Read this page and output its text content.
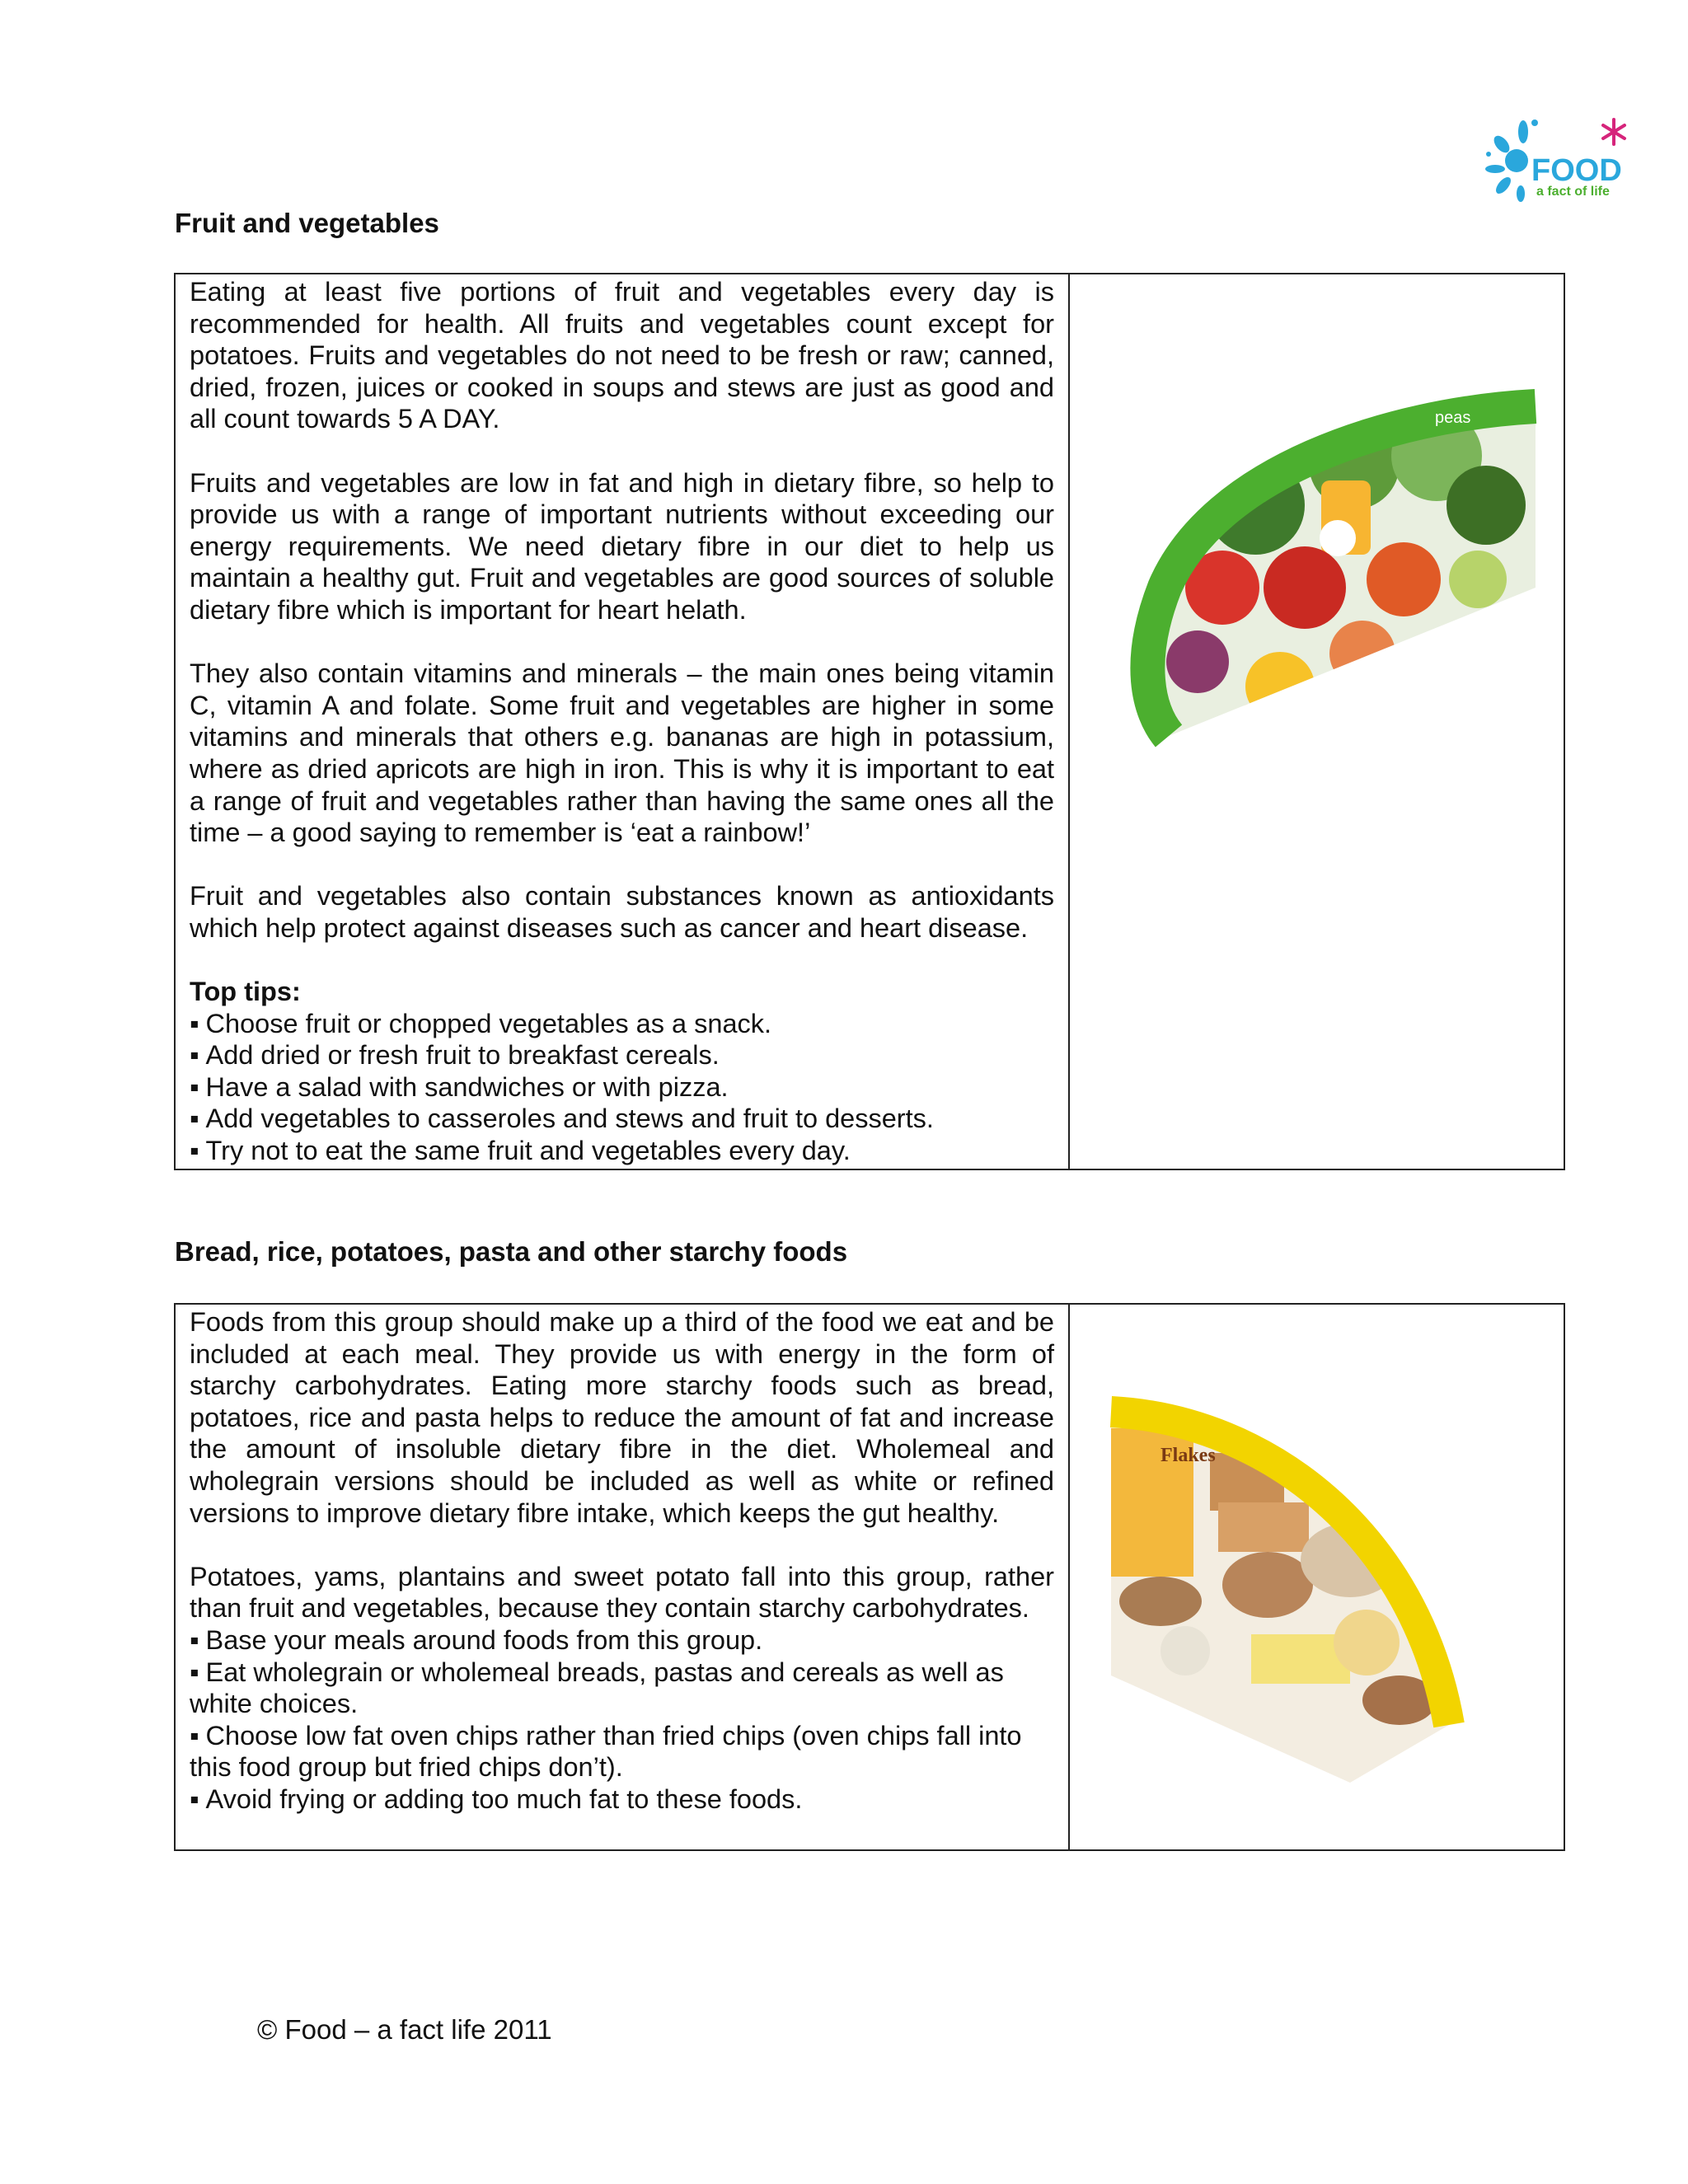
FOOD
a fact of life
Fruit and vegetables

Eating at least five portions of fruit and vegetables every day is recommended for health. All fruits and vegetables count except for potatoes. Fruits and vegetables do not need to be fresh or raw; canned, dried, frozen, juices or cooked in soups and stews are just as good and all count towards 5 A DAY.

Fruits and vegetables are low in fat and high in dietary fibre, so help to provide us with a range of important nutrients without exceeding our energy requirements. We need dietary fibre in our diet to help us maintain a healthy gut. Fruit and vegetables are good sources of soluble dietary fibre which is important for heart helath.

They also contain vitamins and minerals – the main ones being vitamin C, vitamin A and folate. Some fruit and vegetables are higher in some vitamins and minerals that others e.g. bananas are high in potassium, where as dried apricots are high in iron. This is why it is important to eat a range of fruit and vegetables rather than having the same ones all the time – a good saying to remember is ‘eat a rainbow!’

Fruit and vegetables also contain substances known as antioxidants which help protect against diseases such as cancer and heart disease.

Top tips:
▪ Choose fruit or chopped vegetables as a snack.
▪ Add dried or fresh fruit to breakfast cereals.
▪ Have a salad with sandwiches or with pizza.
▪ Add vegetables to casseroles and stews and fruit to desserts.
▪ Try not to eat the same fruit and vegetables every day.
peas
Bread, rice, potatoes, pasta and other starchy foods

Foods from this group should make up a third of the food we eat and be included at each meal. They provide us with energy in the form of starchy carbohydrates. Eating more starchy foods such as bread, potatoes, rice and pasta helps to reduce the amount of fat and increase the amount of insoluble dietary fibre in the diet. Wholemeal and wholegrain versions should be included as well as white or refined versions to improve dietary fibre intake, which keeps the gut healthy.

Potatoes, yams, plantains and sweet potato fall into this group, rather than fruit and vegetables, because they contain starchy carbohydrates.
▪ Base your meals around foods from this group.
▪ Eat wholegrain or wholemeal breads, pastas and cereals as well as white choices.
▪ Choose low fat oven chips rather than fried chips (oven chips fall into this food group but fried chips don’t).
▪ Avoid frying or adding too much fat to these foods.
Flakes
© Food – a fact life 2011
